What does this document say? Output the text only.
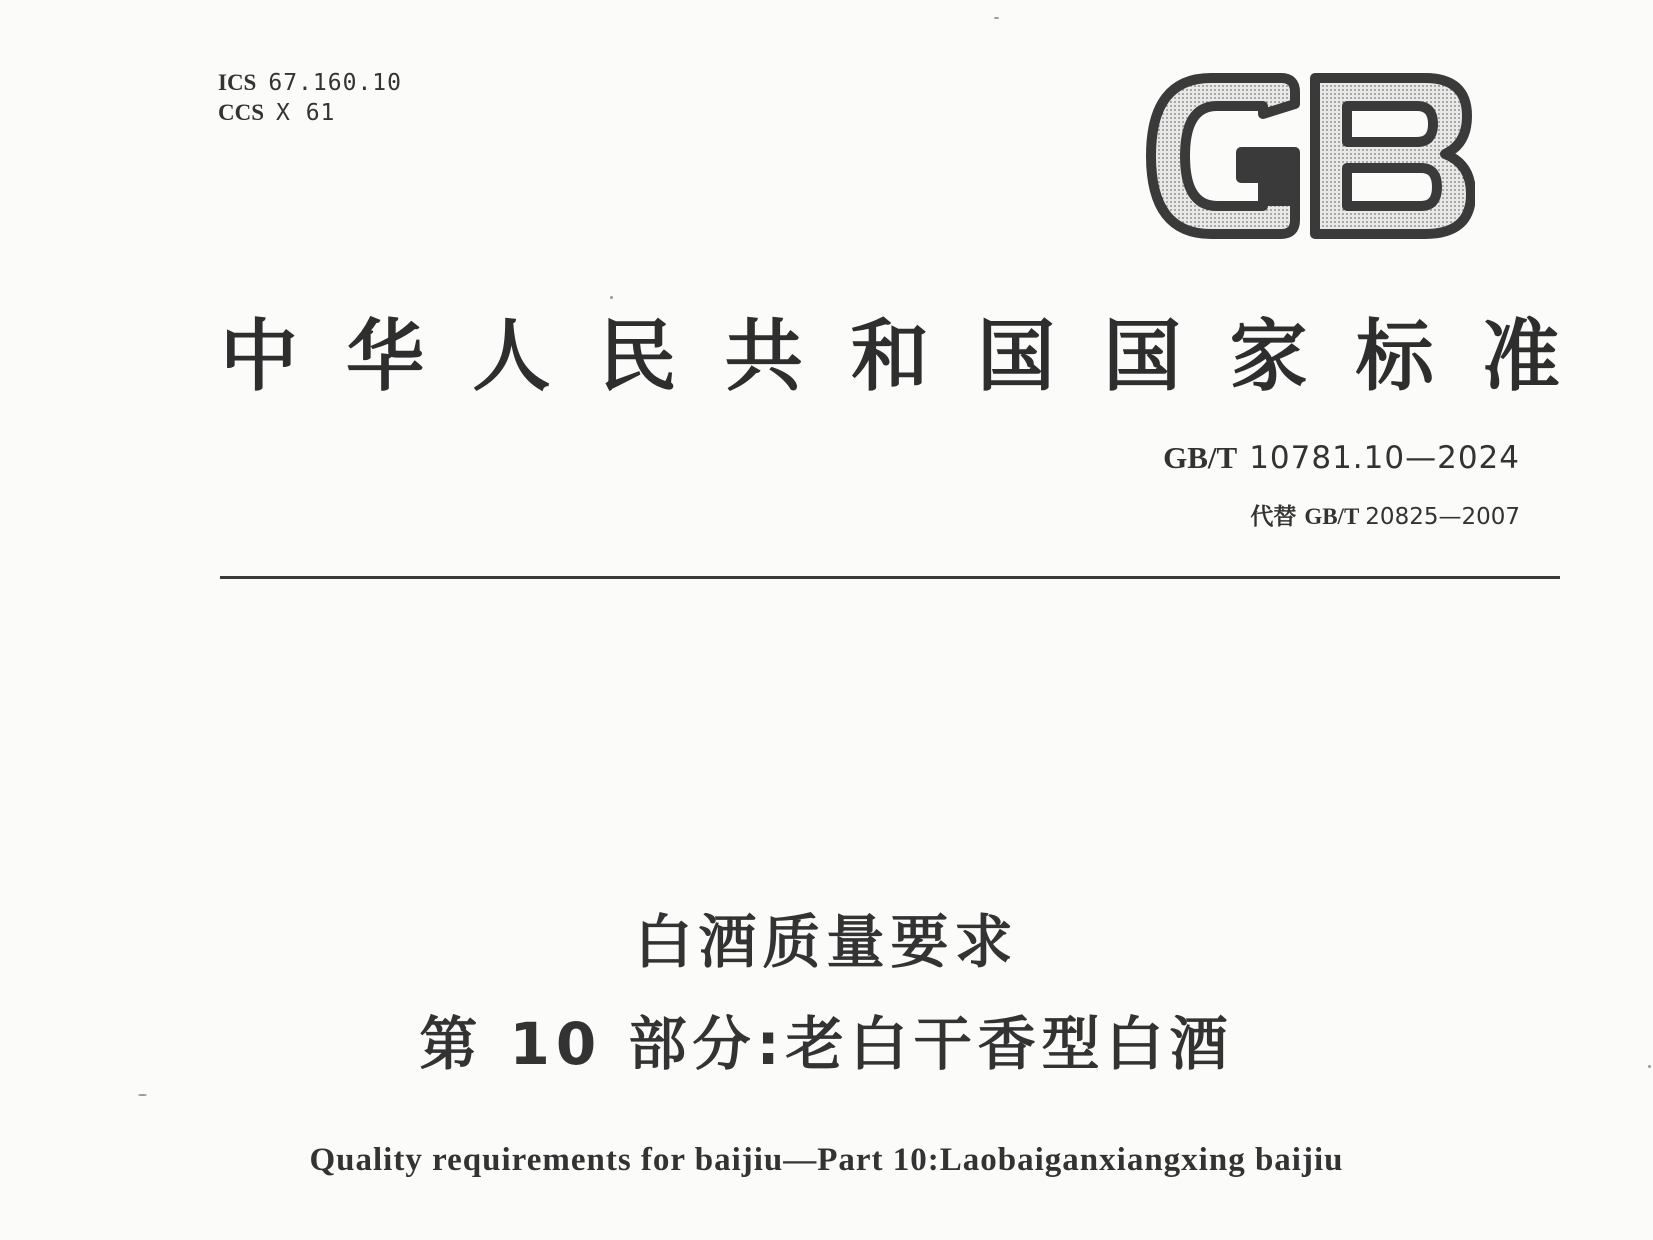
ICS 67.160.10
CCS X 61
中 华 人 民 共 和 国 国 家 标 准
GB/T 10781.10—2024
代替 GB/T 20825—2007
白酒质量要求
第 10 部分:老白干香型白酒
Quality requirements for baijiu—Part 10:Laobaiganxiangxing baijiu
